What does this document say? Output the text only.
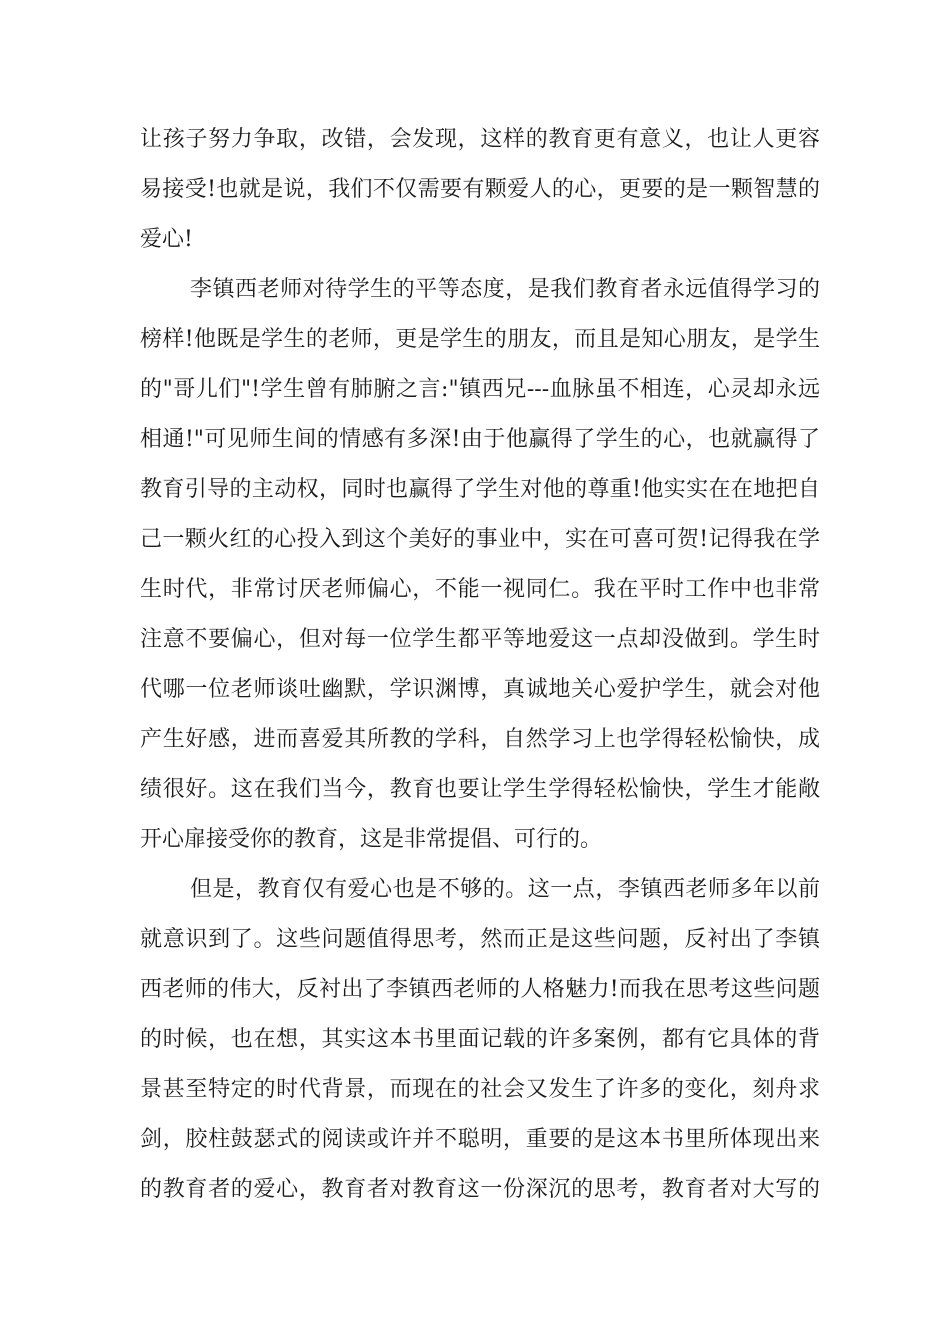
让孩子努力争取，改错，会发现，这样的教育更有意义，也让人更容
易接受!也就是说，我们不仅需要有颗爱人的心，更要的是一颗智慧的
爱心!
李镇西老师对待学生的平等态度，是我们教育者永远值得学习的
榜样!他既是学生的老师，更是学生的朋友，而且是知心朋友，是学生
的"哥儿们"!学生曾有肺腑之言:"镇西兄---血脉虽不相连，心灵却永远
相通!"可见师生间的情感有多深!由于他赢得了学生的心，也就赢得了
教育引导的主动权，同时也赢得了学生对他的尊重!他实实在在地把自
己一颗火红的心投入到这个美好的事业中，实在可喜可贺!记得我在学
生时代，非常讨厌老师偏心，不能一视同仁。我在平时工作中也非常
注意不要偏心，但对每一位学生都平等地爱这一点却没做到。学生时
代哪一位老师谈吐幽默，学识渊博，真诚地关心爱护学生，就会对他
产生好感，进而喜爱其所教的学科，自然学习上也学得轻松愉快，成
绩很好。这在我们当今，教育也要让学生学得轻松愉快，学生才能敞
开心扉接受你的教育，这是非常提倡、可行的。
但是，教育仅有爱心也是不够的。这一点，李镇西老师多年以前
就意识到了。这些问题值得思考，然而正是这些问题，反衬出了李镇
西老师的伟大，反衬出了李镇西老师的人格魅力!而我在思考这些问题
的时候，也在想，其实这本书里面记载的许多案例，都有它具体的背
景甚至特定的时代背景，而现在的社会又发生了许多的变化，刻舟求
剑，胶柱鼓瑟式的阅读或许并不聪明，重要的是这本书里所体现出来
的教育者的爱心，教育者对教育这一份深沉的思考，教育者对大写的
